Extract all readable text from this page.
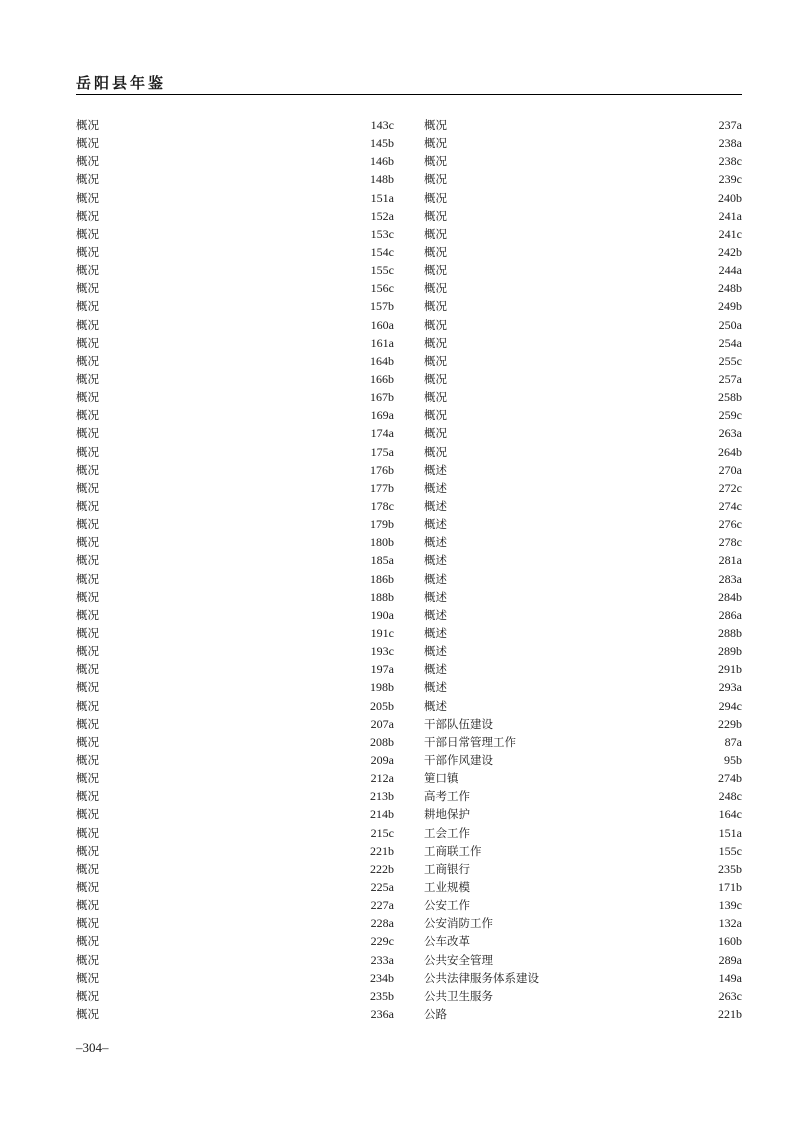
岳阳县年鉴
概况	143c
概况	145b
概况	146b
概况	148b
概况	151a
概况	152a
概况	153c
概况	154c
概况	155c
概况	156c
概况	157b
概况	160a
概况	161a
概况	164b
概况	166b
概况	167b
概况	169a
概况	174a
概况	175a
概况	176b
概况	177b
概况	178c
概况	179b
概况	180b
概况	185a
概况	186b
概况	188b
概况	190a
概况	191c
概况	193c
概况	197a
概况	198b
概况	205b
概况	207a
概况	208b
概况	209a
概况	212a
概况	213b
概况	214b
概况	215c
概况	221b
概况	222b
概况	225a
概况	227a
概况	228a
概况	229c
概况	233a
概况	234b
概况	235b
概况	236a
概况	237a
概况	238a
概况	238c
概况	239c
概况	240b
概况	241a
概况	241c
概况	242b
概况	244a
概况	248b
概况	249b
概况	250a
概况	254a
概况	255c
概况	257a
概况	258b
概况	259c
概况	263a
概况	264b
概述	270a
概述	272c
概述	274c
概述	276c
概述	278c
概述	281a
概述	283a
概述	284b
概述	286a
概述	288b
概述	289b
概述	291b
概述	293a
概述	294c
干部队伍建设	229b
干部日常管理工作	87a
干部作风建设	95b
筻口镇	274b
高考工作	248c
耕地保护	164c
工会工作	151a
工商联工作	155c
工商银行	235b
工业规模	171b
公安工作	139c
公安消防工作	132a
公车改革	160b
公共安全管理	289a
公共法律服务体系建设	149a
公共卫生服务	263c
公路	221b
–304–
